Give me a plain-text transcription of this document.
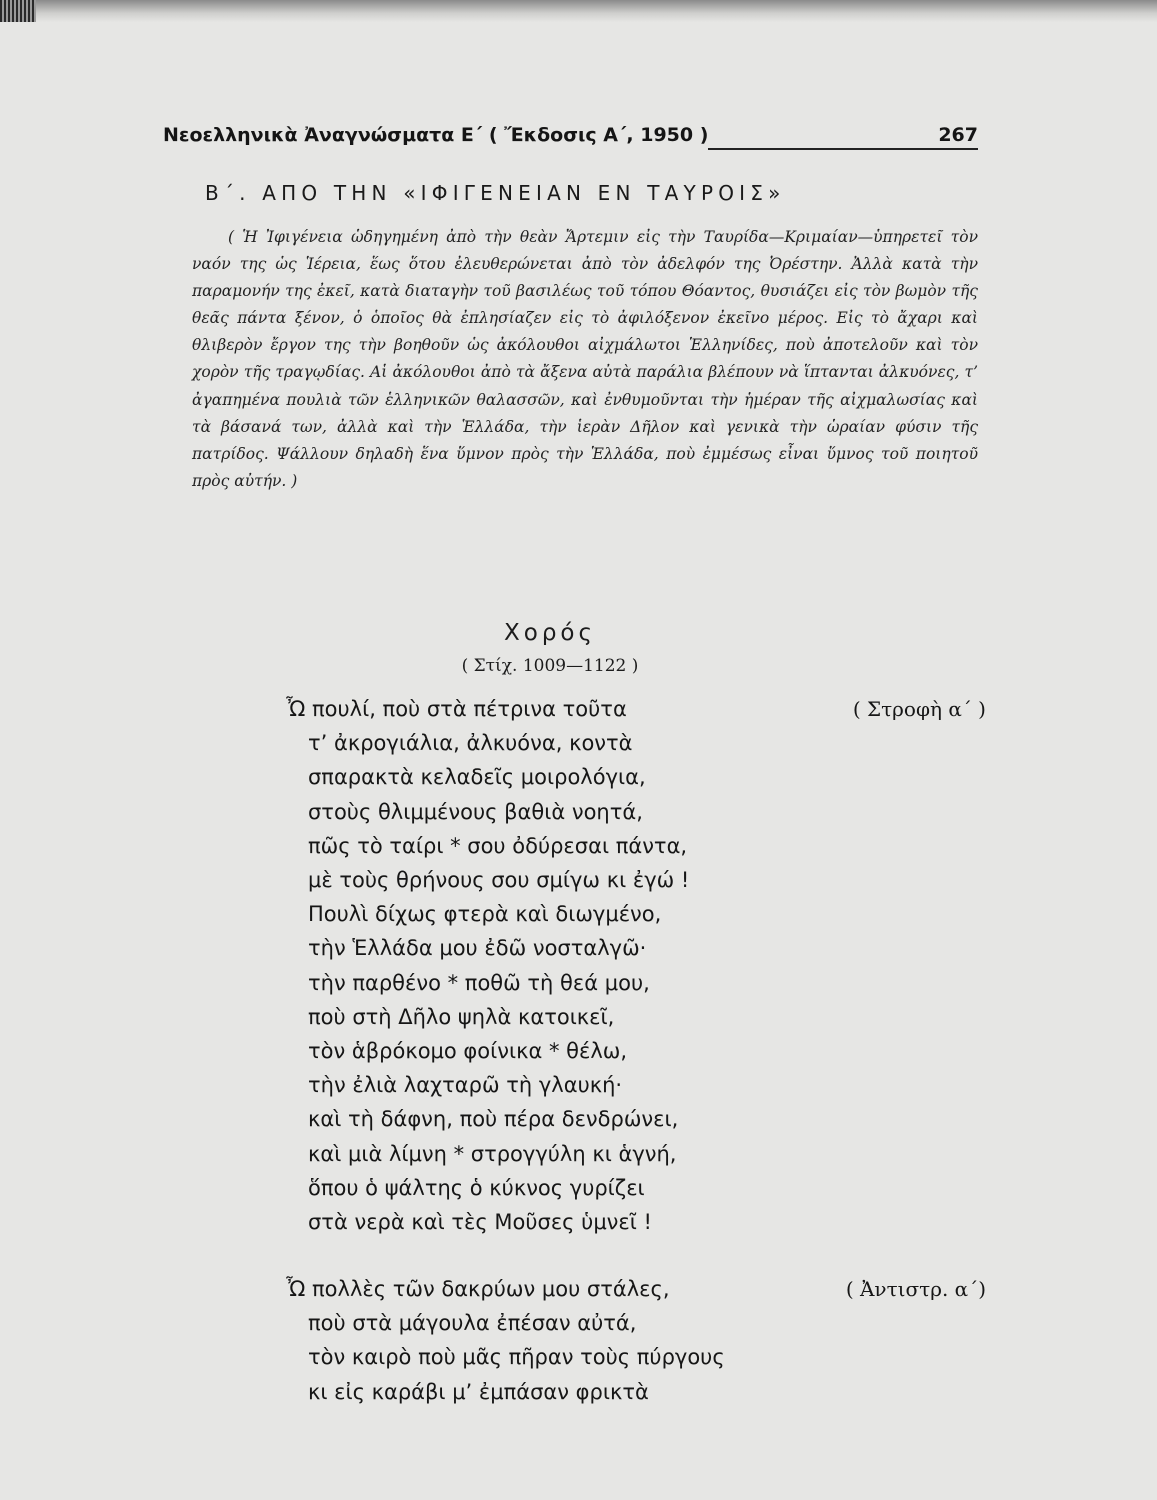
Νεοελληνικὰ Ἀναγνώσματα Ε΄ ( Ἔκδοσις Α΄, 1950 )	267
Β΄. ΑΠΟ ΤΗΝ «ΙΦΙΓΕΝΕΙΑΝ ΕΝ ΤΑΥΡΟΙΣ»

( Ἡ Ἰφιγένεια ὡδηγημένη ἀπὸ τὴν θεὰν Ἄρτεμιν εἰς τὴν Ταυρίδα—Κριμαίαν—ὑπηρετεῖ τὸν ναόν της ὡς Ἱέρεια, ἕως ὅτου ἐλευθερώνεται ἀπὸ τὸν ἀδελφόν της Ὀρέστην. Ἀλλὰ κατὰ τὴν παραμονήν της ἐκεῖ, κατὰ διαταγὴν τοῦ βασιλέως τοῦ τόπου Θόαντος, θυσιάζει εἰς τὸν βωμὸν τῆς θεᾶς πάντα ξένον, ὁ ὁποῖος θὰ ἐπλησίαζεν εἰς τὸ ἀφιλόξενον ἐκεῖνο μέρος. Εἰς τὸ ἄχαρι καὶ θλιβερὸν ἔργον της τὴν βοηθοῦν ὡς ἀκόλουθοι αἰχμάλωτοι Ἑλληνίδες, ποὺ ἀποτελοῦν καὶ τὸν χορὸν τῆς τραγῳδίας. Αἱ ἀκόλουθοι ἀπὸ τὰ ἄξενα αὐτὰ παράλια βλέπουν νὰ ἵπτανται ἀλκυόνες, τ’ ἀγαπημένα πουλιὰ τῶν ἑλληνικῶν θαλασσῶν, καὶ ἐνθυμοῦνται τὴν ἡμέραν τῆς αἰχμαλωσίας καὶ τὰ βάσανά των, ἀλλὰ καὶ τὴν Ἑλλάδα, τὴν ἱερὰν Δῆλον καὶ γενικὰ τὴν ὡραίαν φύσιν τῆς πατρίδος. Ψάλλουν δηλαδὴ ἕνα ὕμνον πρὸς τὴν Ἑλλάδα, ποὺ ἐμμέσως εἶναι ὕμνος τοῦ ποιητοῦ πρὸς αὐτήν. )

Χορός
( Στίχ. 1009—1122 )
( Στροφὴ α΄ )
Ὦ πουλί, ποὺ στὰ πέτρινα τοῦτα
τ’ ἀκρογιάλια, ἀλκυόνα, κοντὰ
σπαρακτὰ κελαδεῖς μοιρολόγια,
στοὺς θλιμμένους βαθιὰ νοητά,
πῶς τὸ ταίρι * σου ὀδύρεσαι πάντα,
μὲ τοὺς θρήνους σου σμίγω κι ἐγώ !
Πουλὶ δίχως φτερὰ καὶ διωγμένο,
τὴν Ἑλλάδα μου ἐδῶ νοσταλγῶ·
τὴν παρθένο * ποθῶ τὴ θεά μου,
ποὺ στὴ Δῆλο ψηλὰ κατοικεῖ,
τὸν ἁβρόκομο φοίνικα * θέλω,
τὴν ἐλιὰ λαχταρῶ τὴ γλαυκή·
καὶ τὴ δάφνη, ποὺ πέρα δενδρώνει,
καὶ μιὰ λίμνη * στρογγύλη κι ἁγνή,
ὅπου ὁ ψάλτης ὁ κύκνος γυρίζει
στὰ νερὰ καὶ τὲς Μοῦσες ὑμνεῖ !
( Ἀντιστρ. α΄)
Ὦ πολλὲς τῶν δακρύων μου στάλες,
ποὺ στὰ μάγουλα ἐπέσαν αὐτά,
τὸν καιρὸ ποὺ μᾶς πῆραν τοὺς πύργους
κι εἰς καράβι μ’ ἐμπάσαν φρικτὰ
